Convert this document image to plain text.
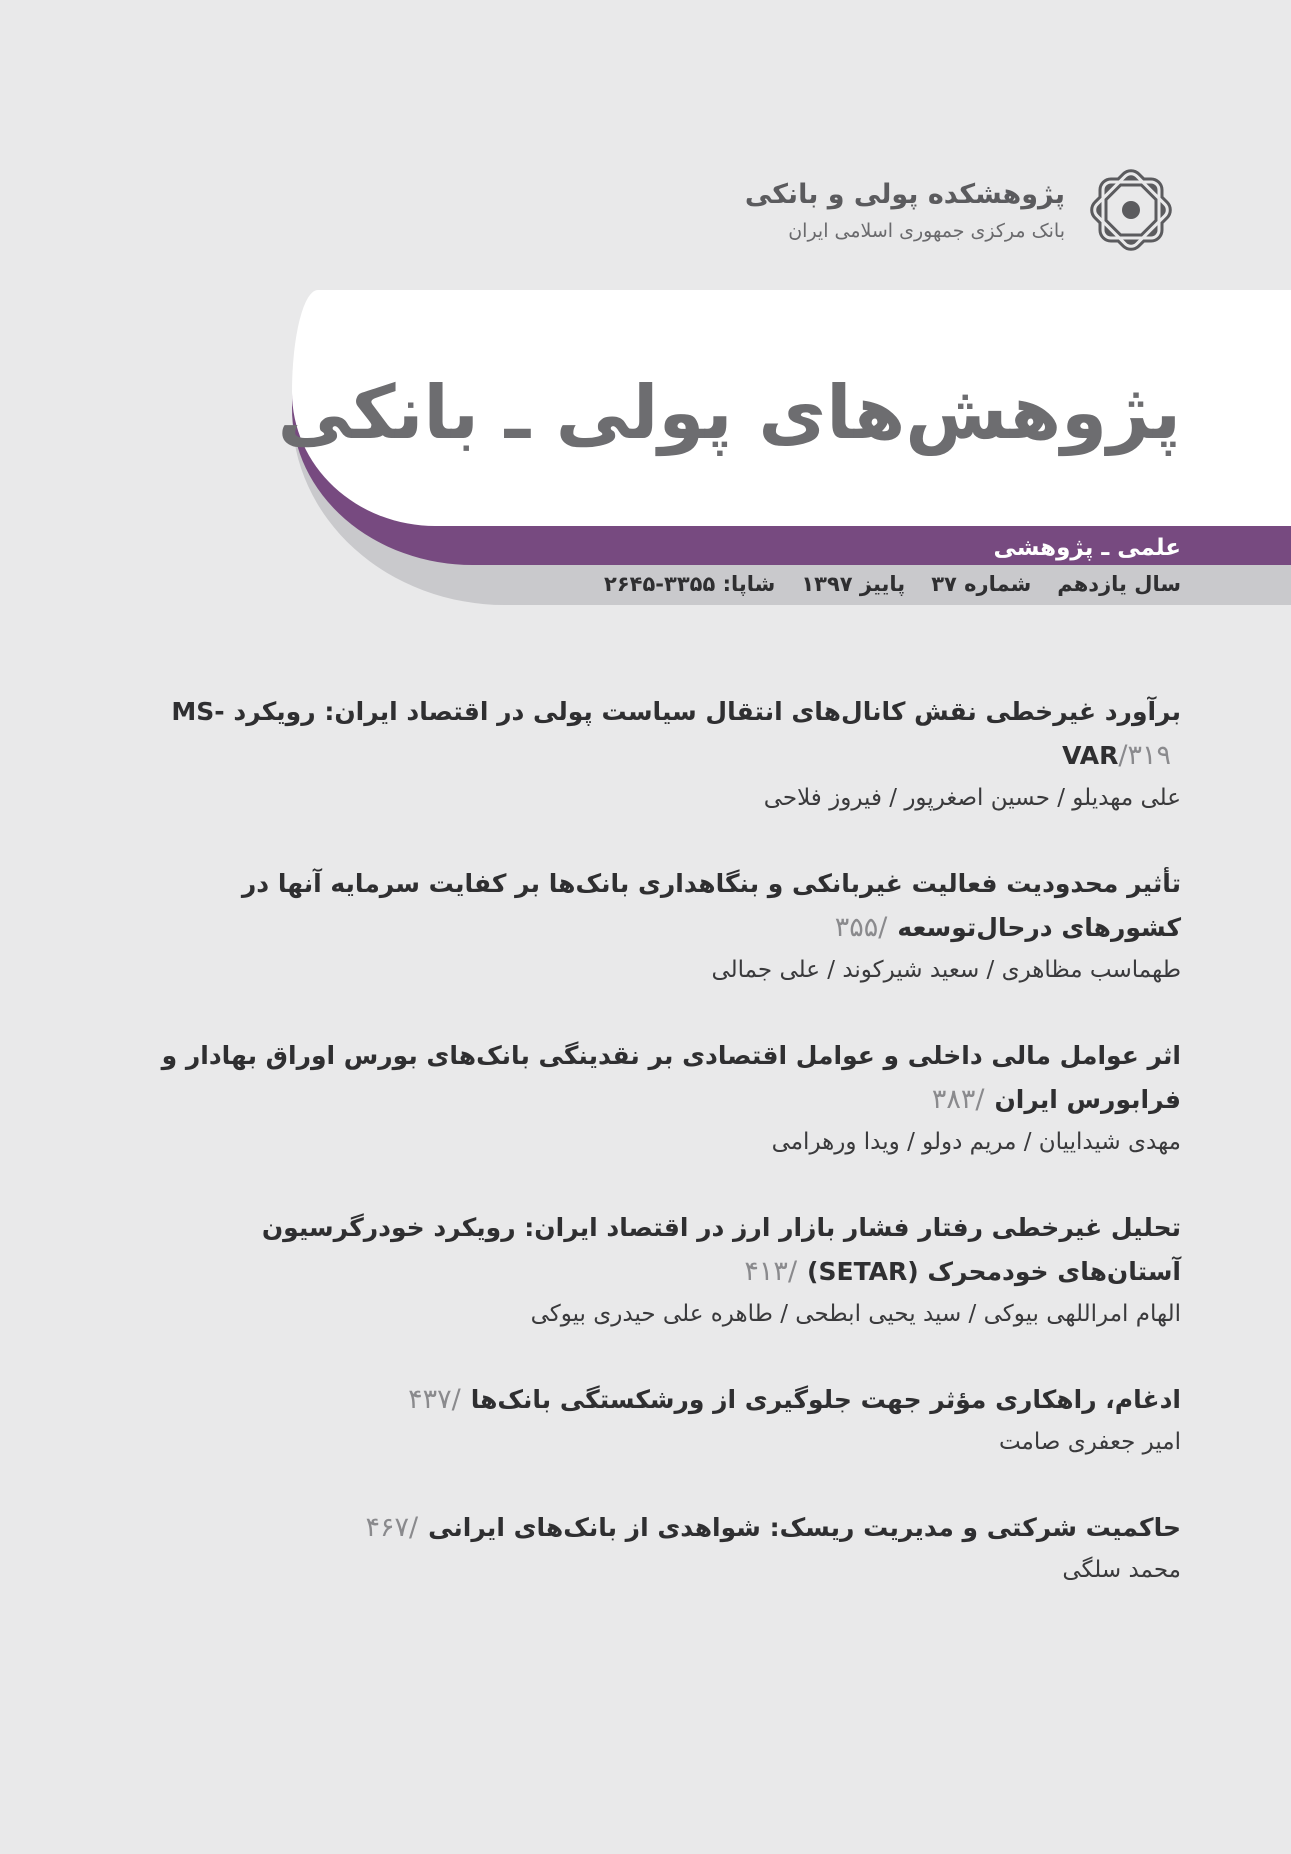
پژوهشکده پولی و بانکی
بانک مرکزی جمهوری اسلامی ایران
پژوهش‌های پولی ـ بانکی
علمی ـ پژوهشی
سال یازدهم
شماره ۳۷
پاییز ۱۳۹۷
شاپا: ۳۳۵۵-۲۶۴۵
برآورد غیرخطی نقش کانال‌های انتقال سیاست پولی در اقتصاد ایران: رویکرد MS-VAR/۳۱۹
علی مهدیلو / حسین اصغرپور / فیروز فلاحی
تأثیر محدودیت فعالیت غیربانکی و بنگاهداری بانک‌ها بر کفایت سرمایه آنها در کشورهای درحال‌توسعه/۳۵۵
طهماسب مظاهری / سعید شیرکوند / علی جمالی
اثر عوامل مالی داخلی و عوامل اقتصادی بر نقدینگی بانک‌های بورس اوراق بهادار و فرابورس ایران/۳۸۳
مهدی شیداییان / مریم دولو / ویدا ورهرامی
تحلیل غیرخطی رفتار فشار بازار ارز در اقتصاد ایران: رویکرد خودرگرسیون آستان‌های خودمحرک (SETAR)/۴۱۳
الهام امراللهی بیوکی / سید یحیی ابطحی / طاهره علی حیدری بیوکی
ادغام، راهکاری مؤثر جهت جلوگیری از ورشکستگی بانک‌ها/۴۳۷
امیر جعفری صامت
حاکمیت شرکتی و مدیریت ریسک: شواهدی از بانک‌های ایرانی/۴۶۷
محمد سلگی
